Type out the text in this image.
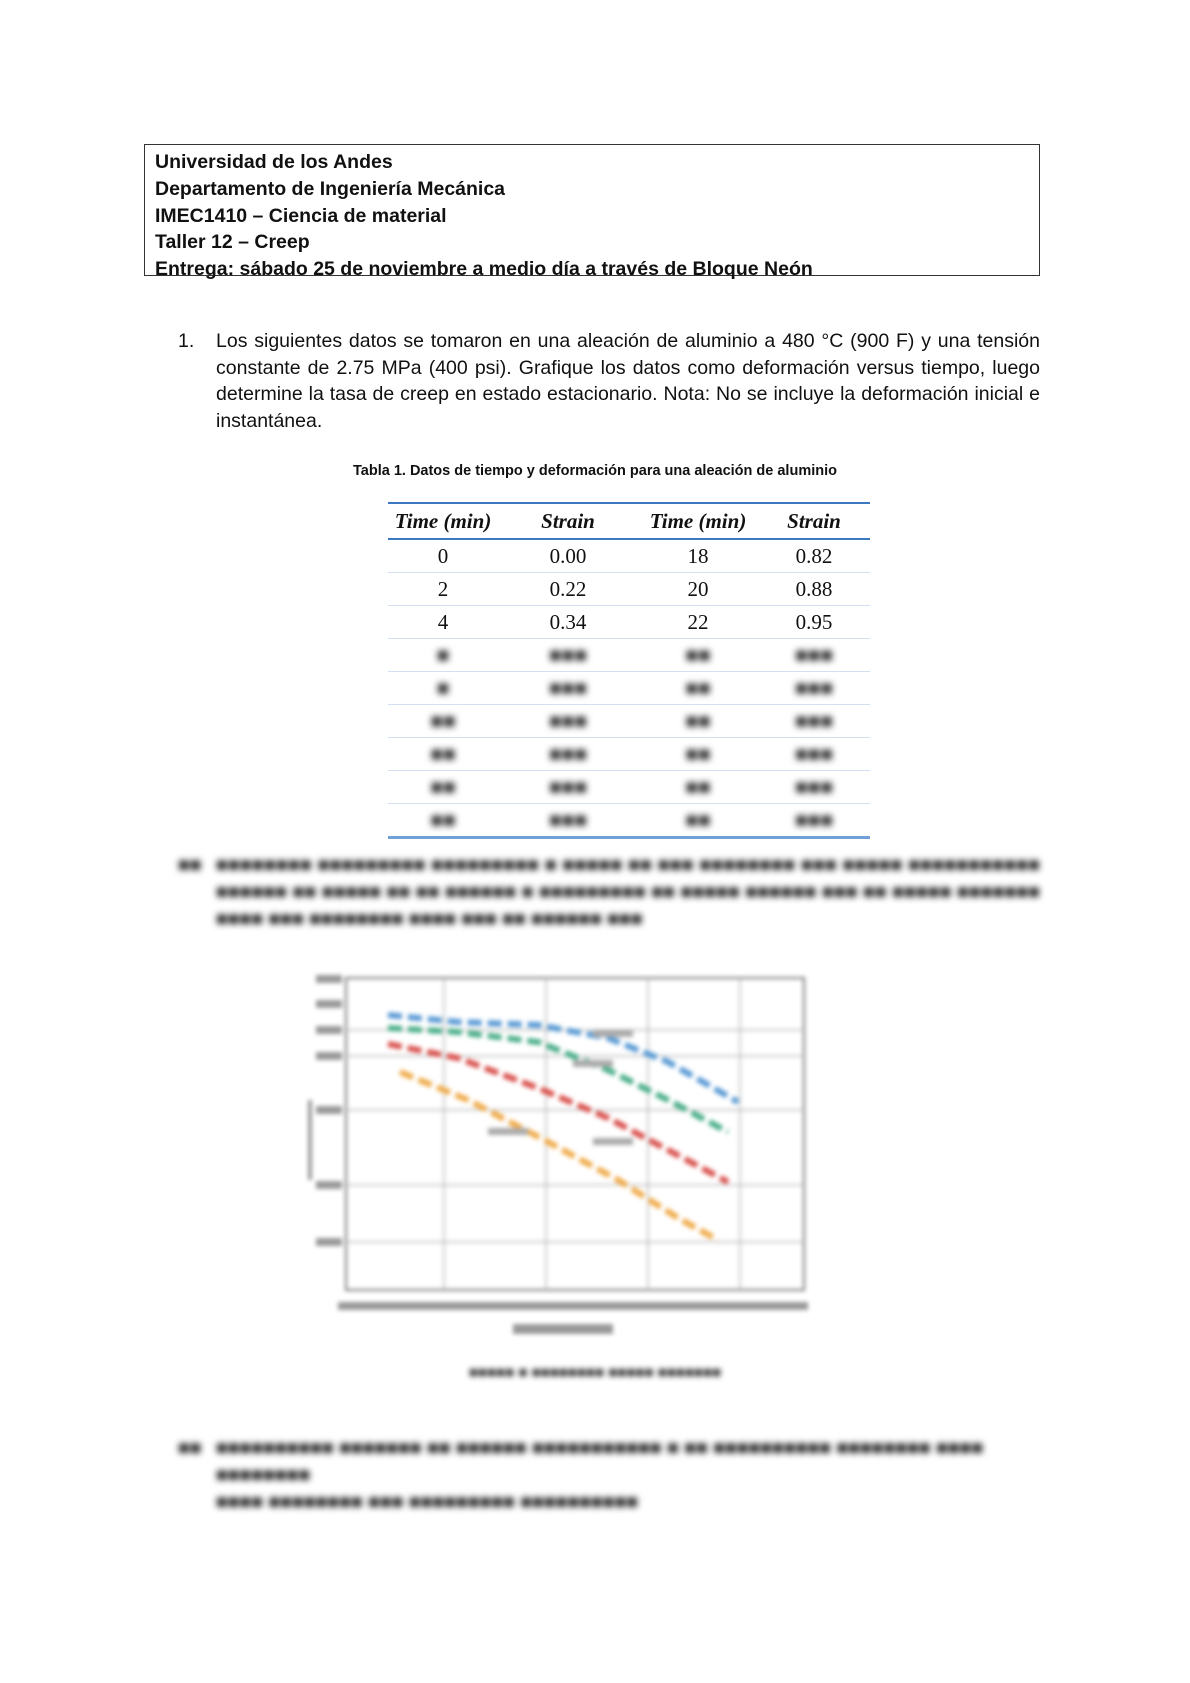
Universidad de los Andes
Departamento de Ingeniería Mecánica
IMEC1410 – Ciencia de material
Taller 12 – Creep
Entrega: sábado 25 de noviembre a medio día a través de Bloque Neón
1. Los siguientes datos se tomaron en una aleación de aluminio a 480 °C (900 F) y una tensión constante de 2.75 MPa (400 psi). Grafique los datos como deformación versus tiempo, luego determine la tasa de creep en estado estacionario. Nota: No se incluye la deformación inicial e instantánea.
Tabla 1. Datos de tiempo y deformación para una aleación de aluminio
Time (min)	Strain	Time (min)	Strain
0	0.00	18	0.82
2	0.22	20	0.88
4	0.34	22	0.95
■	■■■	■■	■■■
■	■■■	■■	■■■
■■	■■■	■■	■■■
■■	■■■	■■	■■■
■■	■■■	■■	■■■
■■	■■■	■■	■■■
■■ ■■■■■■■■ ■■■■■■■■■ ■■■■■■■■■ ■ ■■■■■ ■■ ■■■ ■■■■■■■■ ■■■ ■■■■■ ■■■■■■■■■■■ ■■■■■■ ■■ ■■■■■ ■■ ■■ ■■■■■■ ■ ■■■■■■■■■ ■■ ■■■■■ ■■■■■■ ■■■ ■■ ■■■■■ ■■■■■■■ ■■■■ ■■■ ■■■■■■■■ ■■■■ ■■■ ■■ ■■■■■■ ■■■
■■■■■ ■ ■■■■■■■■ ■■■■■ ■■■■■■■
■■ ■■■■■■■■■■ ■■■■■■■ ■■ ■■■■■■ ■■■■■■■■■■■ ■ ■■ ■■■■■■■■■■ ■■■■■■■■ ■■■■ ■■■■■■■■
■■■■ ■■■■■■■■ ■■■ ■■■■■■■■■ ■■■■■■■■■■
